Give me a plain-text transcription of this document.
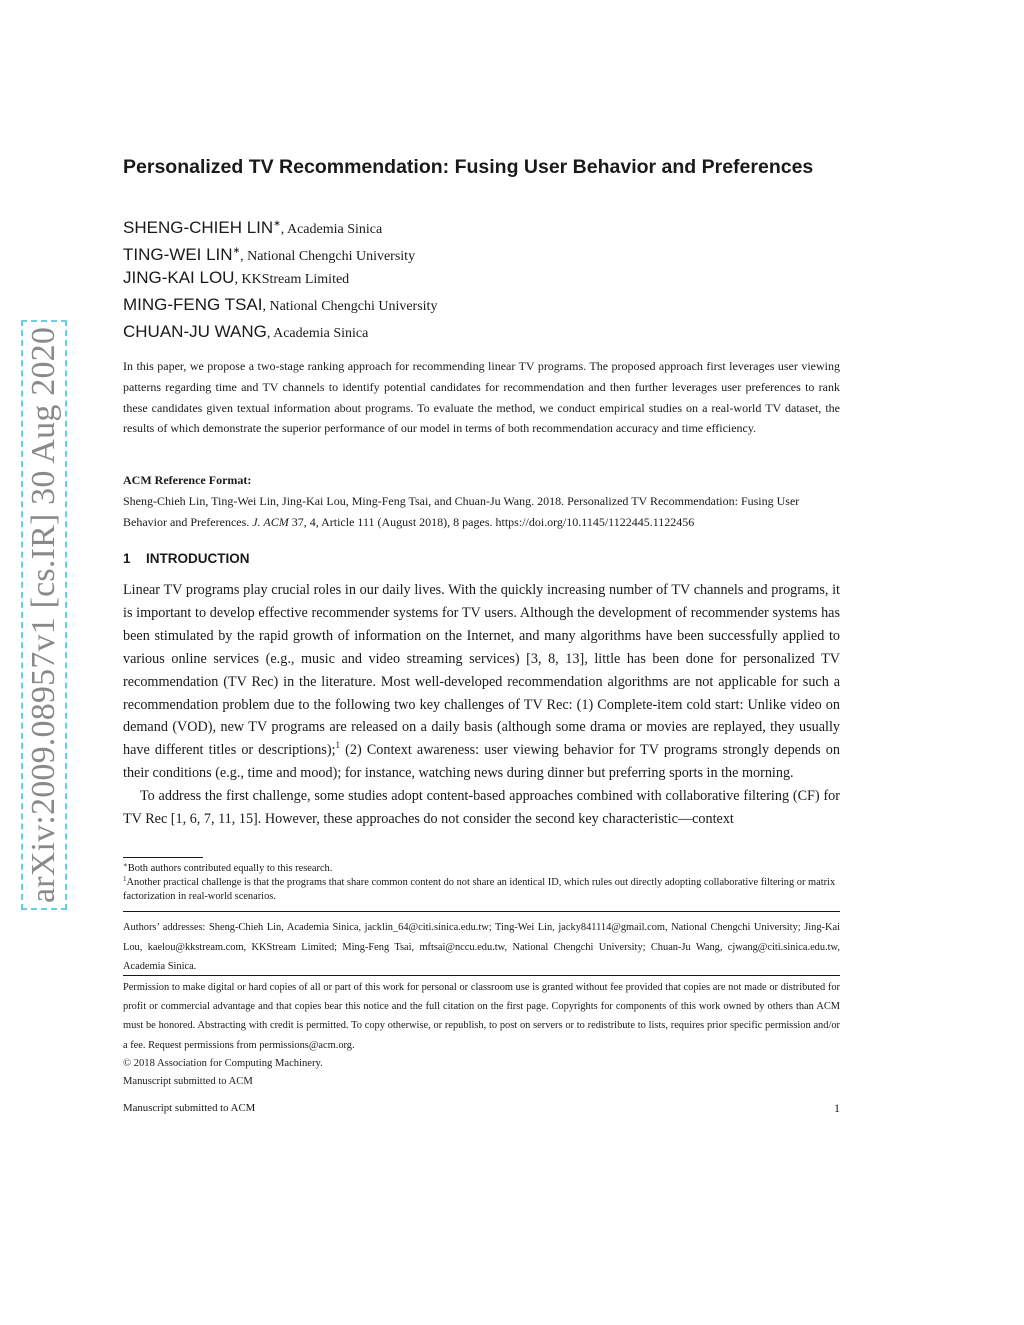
arXiv:2009.08957v1 [cs.IR] 30 Aug 2020
Personalized TV Recommendation: Fusing User Behavior and Preferences
SHENG-CHIEH LIN∗, Academia Sinica
TING-WEI LIN∗, National Chengchi University
JING-KAI LOU, KKStream Limited
MING-FENG TSAI, National Chengchi University
CHUAN-JU WANG, Academia Sinica

In this paper, we propose a two-stage ranking approach for recommending linear TV programs. The proposed approach first leverages user viewing patterns regarding time and TV channels to identify potential candidates for recommendation and then further leverages user preferences to rank these candidates given textual information about programs. To evaluate the method, we conduct empirical studies on a real-world TV dataset, the results of which demonstrate the superior performance of our model in terms of both recommendation accuracy and time efficiency.

ACM Reference Format:
Sheng-Chieh Lin, Ting-Wei Lin, Jing-Kai Lou, Ming-Feng Tsai, and Chuan-Ju Wang. 2018. Personalized TV Recommendation: Fusing User Behavior and Preferences. J. ACM 37, 4, Article 111 (August 2018), 8 pages. https://doi.org/10.1145/1122445.1122456
1 INTRODUCTION

Linear TV programs play crucial roles in our daily lives. With the quickly increasing number of TV channels and programs, it is important to develop effective recommender systems for TV users. Although the development of recommender systems has been stimulated by the rapid growth of information on the Internet, and many algorithms have been successfully applied to various online services (e.g., music and video streaming services) [3, 8, 13], little has been done for personalized TV recommendation (TV Rec) in the literature. Most well-developed recommendation algorithms are not applicable for such a recommendation problem due to the following two key challenges of TV Rec: (1) Complete-item cold start: Unlike video on demand (VOD), new TV programs are released on a daily basis (although some drama or movies are replayed, they usually have different titles or descriptions);$^1$ (2) Context awareness: user viewing behavior for TV programs strongly depends on their conditions (e.g., time and mood); for instance, watching news during dinner but preferring sports in the morning.

To address the first challenge, some studies adopt content-based approaches combined with collaborative filtering (CF) for TV Rec [1, 6, 7, 11, 15]. However, these approaches do not consider the second key characteristic—context

∗Both authors contributed equally to this research.
$^1$Another practical challenge is that the programs that share common content do not share an identical ID, which rules out directly adopting collaborative filtering or matrix factorization in real-world scenarios.
Authors’ addresses: Sheng-Chieh Lin, Academia Sinica, jacklin_64@citi.sinica.edu.tw; Ting-Wei Lin, jacky841114@gmail.com, National Chengchi University; Jing-Kai Lou, kaelou@kkstream.com, KKStream Limited; Ming-Feng Tsai, mftsai@nccu.edu.tw, National Chengchi University; Chuan-Ju Wang, cjwang@citi.sinica.edu.tw, Academia Sinica.

Permission to make digital or hard copies of all or part of this work for personal or classroom use is granted without fee provided that copies are not made or distributed for profit or commercial advantage and that copies bear this notice and the full citation on the first page. Copyrights for components of this work owned by others than ACM must be honored. Abstracting with credit is permitted. To copy otherwise, or republish, to post on servers or to redistribute to lists, requires prior specific permission and/or a fee. Request permissions from permissions@acm.org.

© 2018 Association for Computing Machinery.
Manuscript submitted to ACM
Manuscript submitted to ACM	1
